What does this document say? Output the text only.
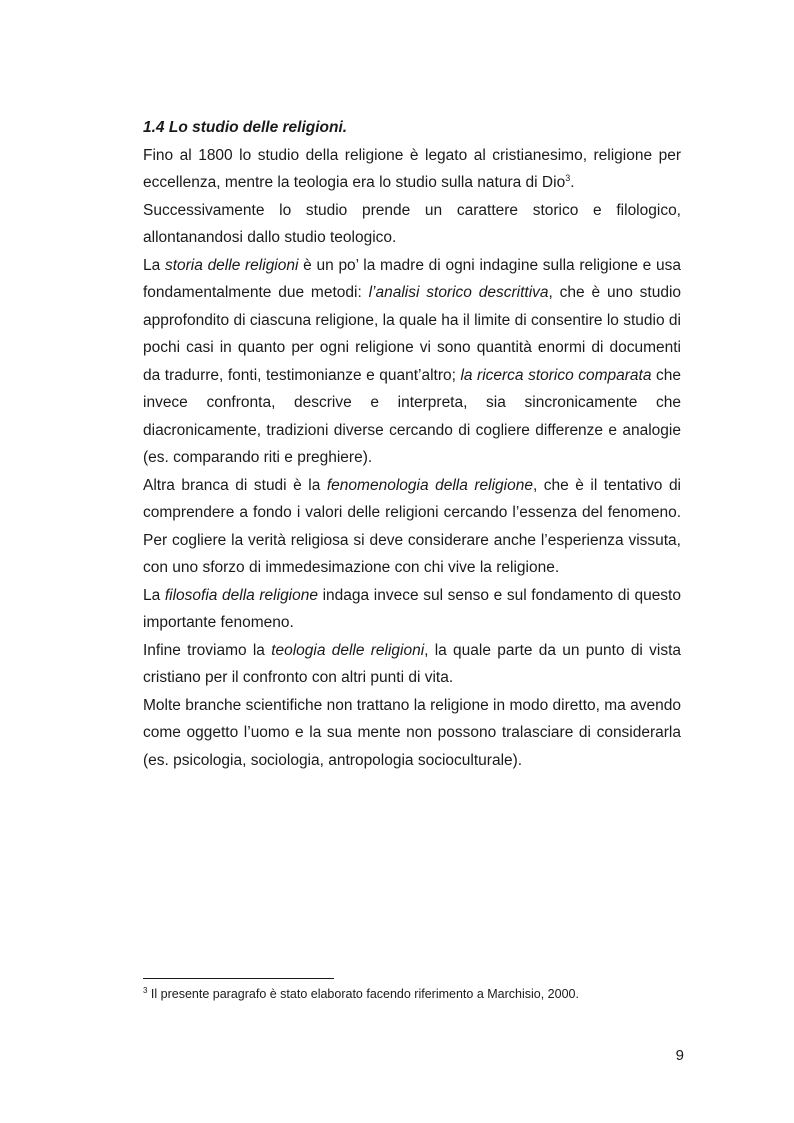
1.4 Lo studio delle religioni.

Fino al 1800 lo studio della religione è legato al cristianesimo, religione per eccellenza, mentre la teologia era lo studio sulla natura di Dio$^3$.

Successivamente lo studio prende un carattere storico e filologico, allontanandosi dallo studio teologico.

La storia delle religioni è un po’ la madre di ogni indagine sulla religione e usa fondamentalmente due metodi: l’analisi storico descrittiva, che è uno studio approfondito di ciascuna religione, la quale ha il limite di consentire lo studio di pochi casi in quanto per ogni religione vi sono quantità enormi di documenti da tradurre, fonti, testimonianze e quant’altro; la ricerca storico comparata che invece confronta, descrive e interpreta, sia sincronicamente che diacronicamente, tradizioni diverse cercando di cogliere differenze e analogie (es. comparando riti e preghiere).

Altra branca di studi è la fenomenologia della religione, che è il tentativo di comprendere a fondo i valori delle religioni cercando l’essenza del fenomeno. Per cogliere la verità religiosa si deve considerare anche l’esperienza vissuta, con uno sforzo di immedesimazione con chi vive la religione.

La filosofia della religione indaga invece sul senso e sul fondamento di questo importante fenomeno.

Infine troviamo la teologia delle religioni, la quale parte da un punto di vista cristiano per il confronto con altri punti di vita.

Molte branche scientifiche non trattano la religione in modo diretto, ma avendo come oggetto l’uomo e la sua mente non possono tralasciare di considerarla (es. psicologia, sociologia, antropologia socioculturale).

$^3$ Il presente paragrafo è stato elaborato facendo riferimento a Marchisio, 2000.

9
